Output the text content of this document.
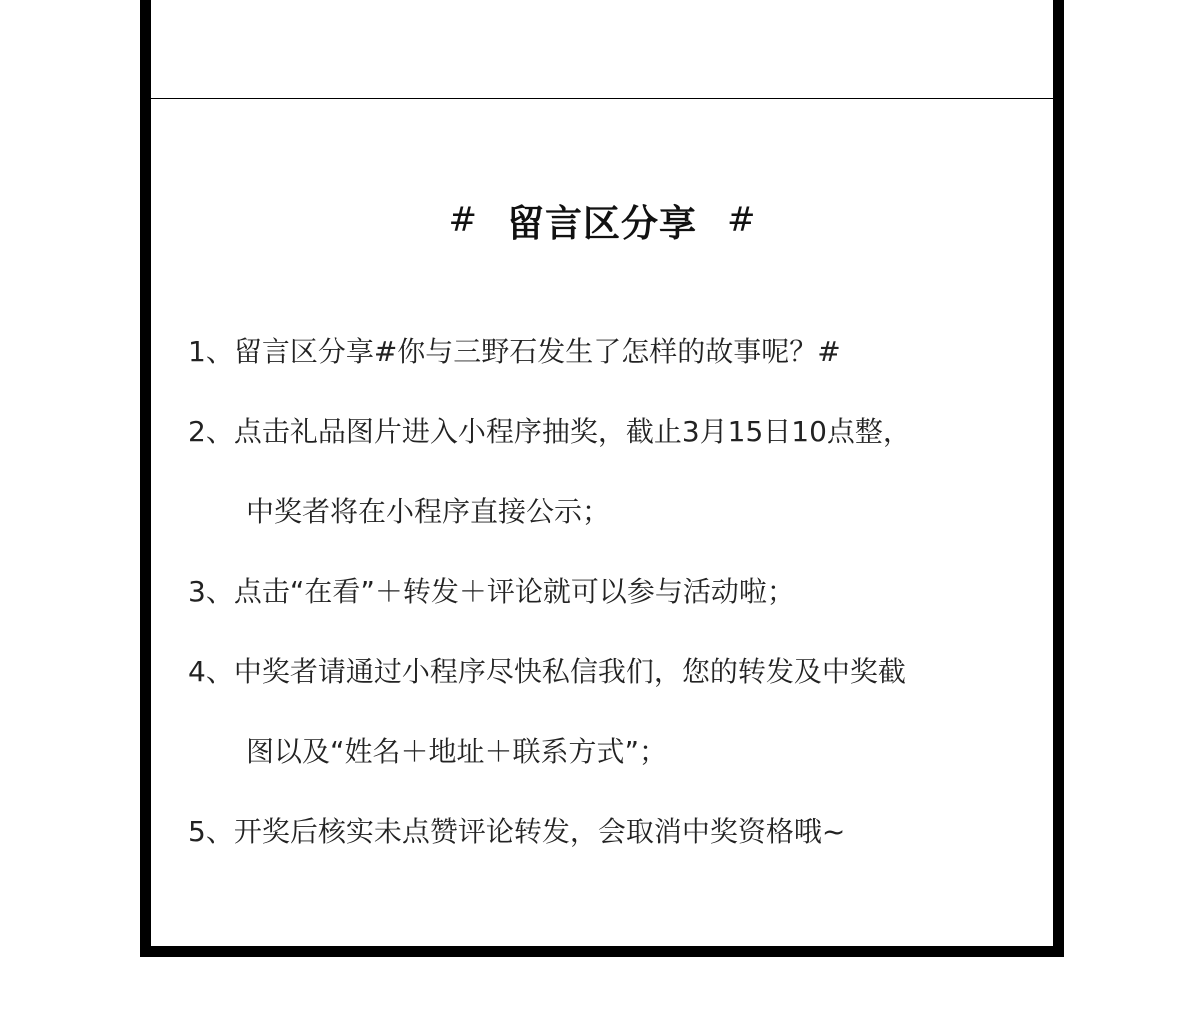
# 留言区分享 #
1、留言区分享#你与三野石发生了怎样的故事呢？#
2、点击礼品图片进入小程序抽奖，截止3月15日10点整，
中奖者将在小程序直接公示；
3、点击“在看”＋转发＋评论就可以参与活动啦；
4、中奖者请通过小程序尽快私信我们，您的转发及中奖截
图以及“姓名＋地址＋联系方式”；
5、开奖后核实未点赞评论转发，会取消中奖资格哦~
